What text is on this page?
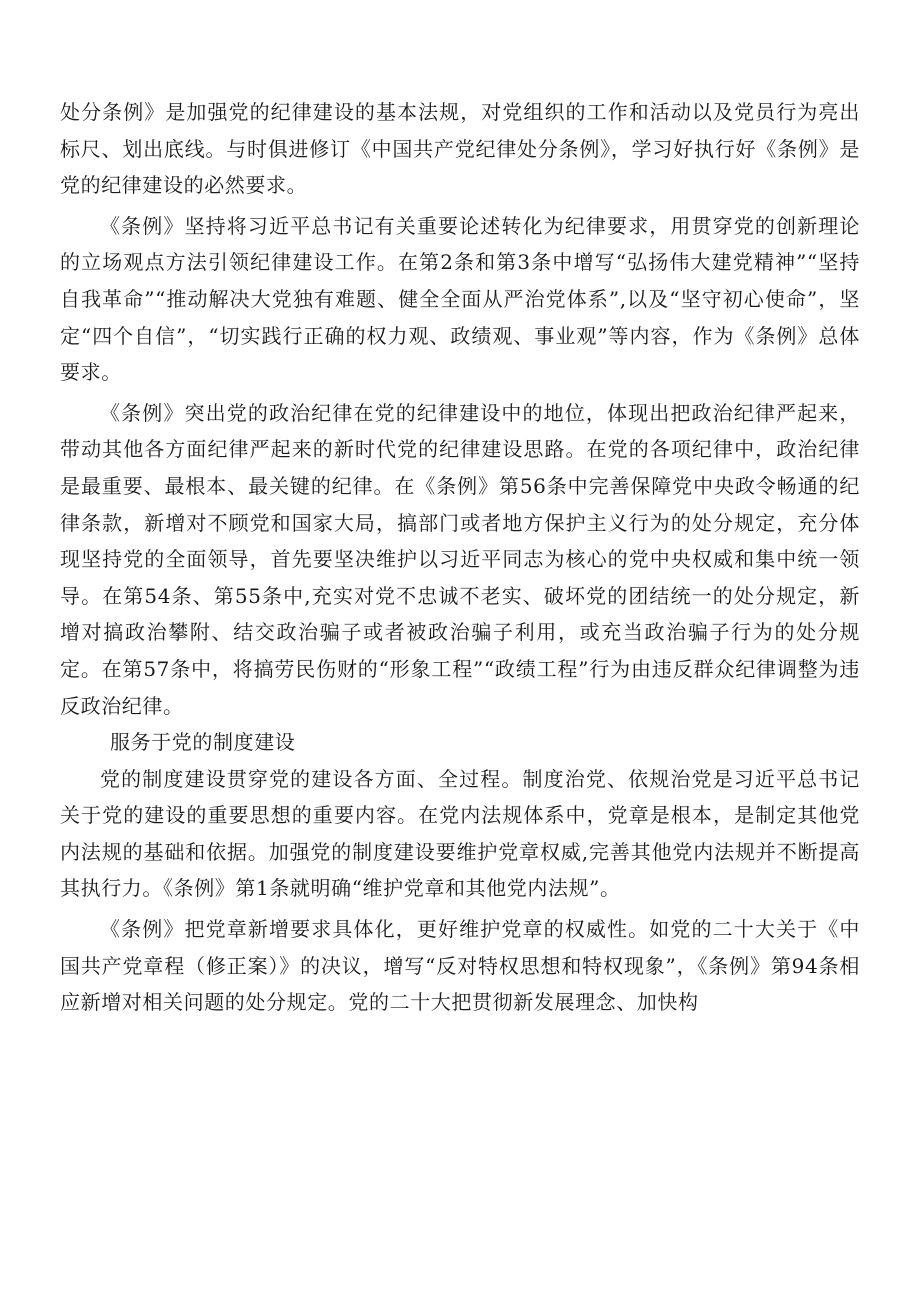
处分条例》是加强党的纪律建设的基本法规，对党组织的工作和活动以及党员行为亮出标尺、划出底线。与时俱进修订《中国共产党纪律处分条例》，学习好执行好《条例》是党的纪律建设的必然要求。

《条例》坚持将习近平总书记有关重要论述转化为纪律要求，用贯穿党的创新理论的立场观点方法引领纪律建设工作。在第2条和第3条中增写“弘扬伟大建党精神”“坚持自我革命”“推动解决大党独有难题、健全全面从严治党体系”,以及“坚守初心使命”，坚定“四个自信”，“切实践行正确的权力观、政绩观、事业观”等内容，作为《条例》总体要求。

《条例》突出党的政治纪律在党的纪律建设中的地位，体现出把政治纪律严起来，带动其他各方面纪律严起来的新时代党的纪律建设思路。在党的各项纪律中，政治纪律是最重要、最根本、最关键的纪律。在《条例》第56条中完善保障党中央政令畅通的纪律条款，新增对不顾党和国家大局，搞部门或者地方保护主义行为的处分规定，充分体现坚持党的全面领导，首先要坚决维护以习近平同志为核心的党中央权威和集中统一领导。在第54条、第55条中,充实对党不忠诚不老实、破坏党的团结统一的处分规定，新增对搞政治攀附、结交政治骗子或者被政治骗子利用，或充当政治骗子行为的处分规定。在第57条中，将搞劳民伤财的“形象工程”“政绩工程”行为由违反群众纪律调整为违反政治纪律。

服务于党的制度建设

党的制度建设贯穿党的建设各方面、全过程。制度治党、依规治党是习近平总书记关于党的建设的重要思想的重要内容。在党内法规体系中，党章是根本，是制定其他党内法规的基础和依据。加强党的制度建设要维护党章权威,完善其他党内法规并不断提高其执行力。《条例》第1条就明确“维护党章和其他党内法规”。

《条例》把党章新增要求具体化，更好维护党章的权威性。如党的二十大关于《中国共产党章程（修正案）》的决议，增写“反对特权思想和特权现象”，《条例》第94条相应新增对相关问题的处分规定。党的二十大把贯彻新发展理念、加快构
